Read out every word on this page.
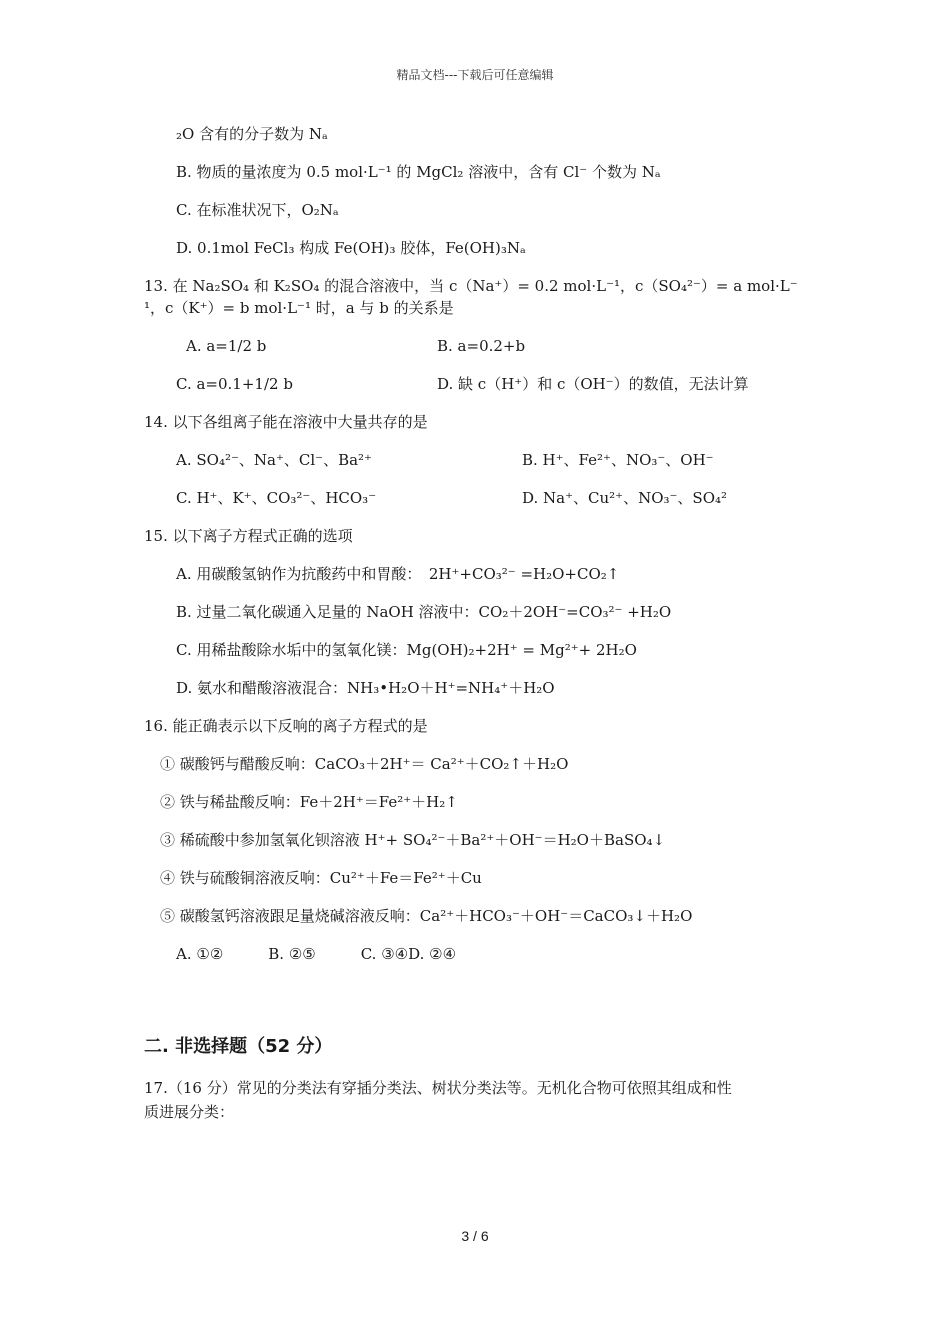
精品文档---下载后可任意编辑
₂O 含有的分子数为 Nₐ
B. 物质的量浓度为 0.5 mol·L⁻¹ 的 MgCl₂ 溶液中，含有 Cl⁻ 个数为 Nₐ
C. 在标准状况下，O₂Nₐ
D. 0.1mol FeCl₃ 构成 Fe(OH)₃ 胶体，Fe(OH)₃Nₐ
13. 在 Na₂SO₄ 和 K₂SO₄ 的混合溶液中，当 c（Na⁺）= 0.2 mol·L⁻¹，c（SO₄²⁻）= a mol·L⁻
¹，c（K⁺）= b mol·L⁻¹ 时，a 与 b 的关系是
A. a=1/2 b	B. a=0.2+b
C. a=0.1+1/2 b	D. 缺 c（H⁺）和 c（OH⁻）的数值，无法计算
14. 以下各组离子能在溶液中大量共存的是
A. SO₄²⁻、Na⁺、Cl⁻、Ba²⁺	B. H⁺、Fe²⁺、NO₃⁻、OH⁻
C. H⁺、K⁺、CO₃²⁻、HCO₃⁻	D. Na⁺、Cu²⁺、NO₃⁻、SO₄²
15. 以下离子方程式正确的选项
A. 用碳酸氢钠作为抗酸药中和胃酸：　2H⁺+CO₃²⁻ =H₂O+CO₂↑
B. 过量二氧化碳通入足量的 NaOH 溶液中：CO₂＋2OH⁻=CO₃²⁻ +H₂O
C. 用稀盐酸除水垢中的氢氧化镁：Mg(OH)₂+2H⁺ = Mg²⁺+ 2H₂O
D. 氨水和醋酸溶液混合：NH₃•H₂O＋H⁺=NH₄⁺＋H₂O
16. 能正确表示以下反响的离子方程式的是
① 碳酸钙与醋酸反响：CaCO₃＋2H⁺＝ Ca²⁺＋CO₂↑＋H₂O
② 铁与稀盐酸反响：Fe＋2H⁺＝Fe²⁺＋H₂↑
③ 稀硫酸中参加氢氧化钡溶液 H⁺+ SO₄²⁻＋Ba²⁺＋OH⁻＝H₂O＋BaSO₄↓
④ 铁与硫酸铜溶液反响：Cu²⁺＋Fe＝Fe²⁺＋Cu
⑤ 碳酸氢钙溶液跟足量烧碱溶液反响：Ca²⁺＋HCO₃⁻＋OH⁻＝CaCO₃↓＋H₂O
A. ①②　　　B. ②⑤　　　C. ③④D. ②④
二. 非选择题（52 分）
17.（16 分）常见的分类法有穿插分类法、树状分类法等。无机化合物可依照其组成和性
质进展分类：
3 / 6
